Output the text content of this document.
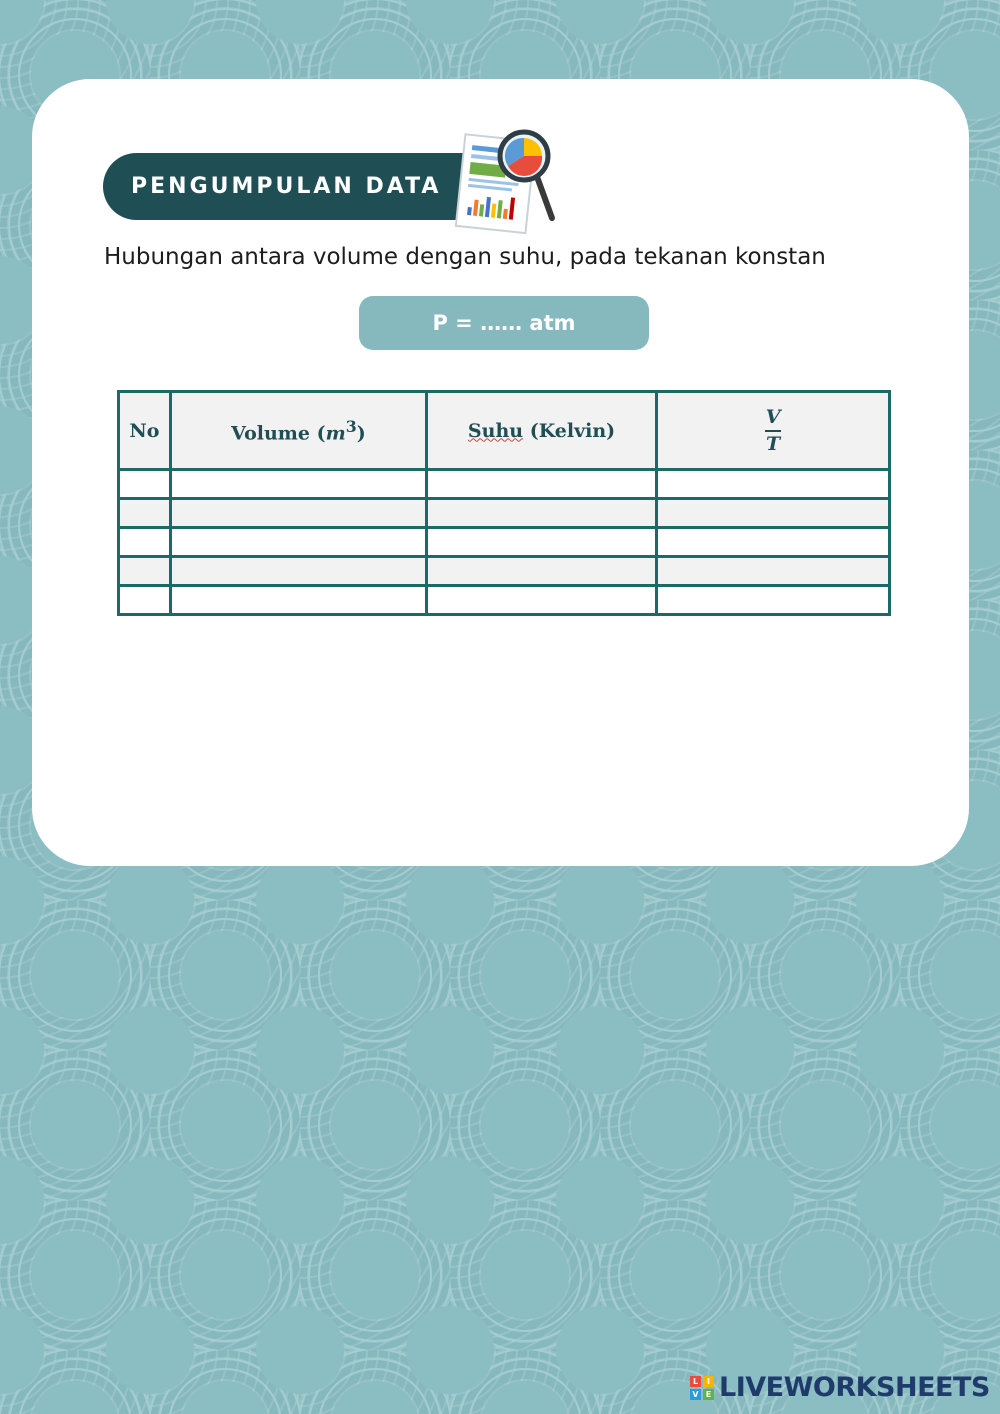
PENGUMPULAN DATA
Hubungan antara volume dengan suhu, pada tekanan konstan
P = …… atm
No	Volume $(m^3)$	Suhu (Kelvin)	$\frac{V}{T}$

L	I
V E LIVEWORKSHEETS
